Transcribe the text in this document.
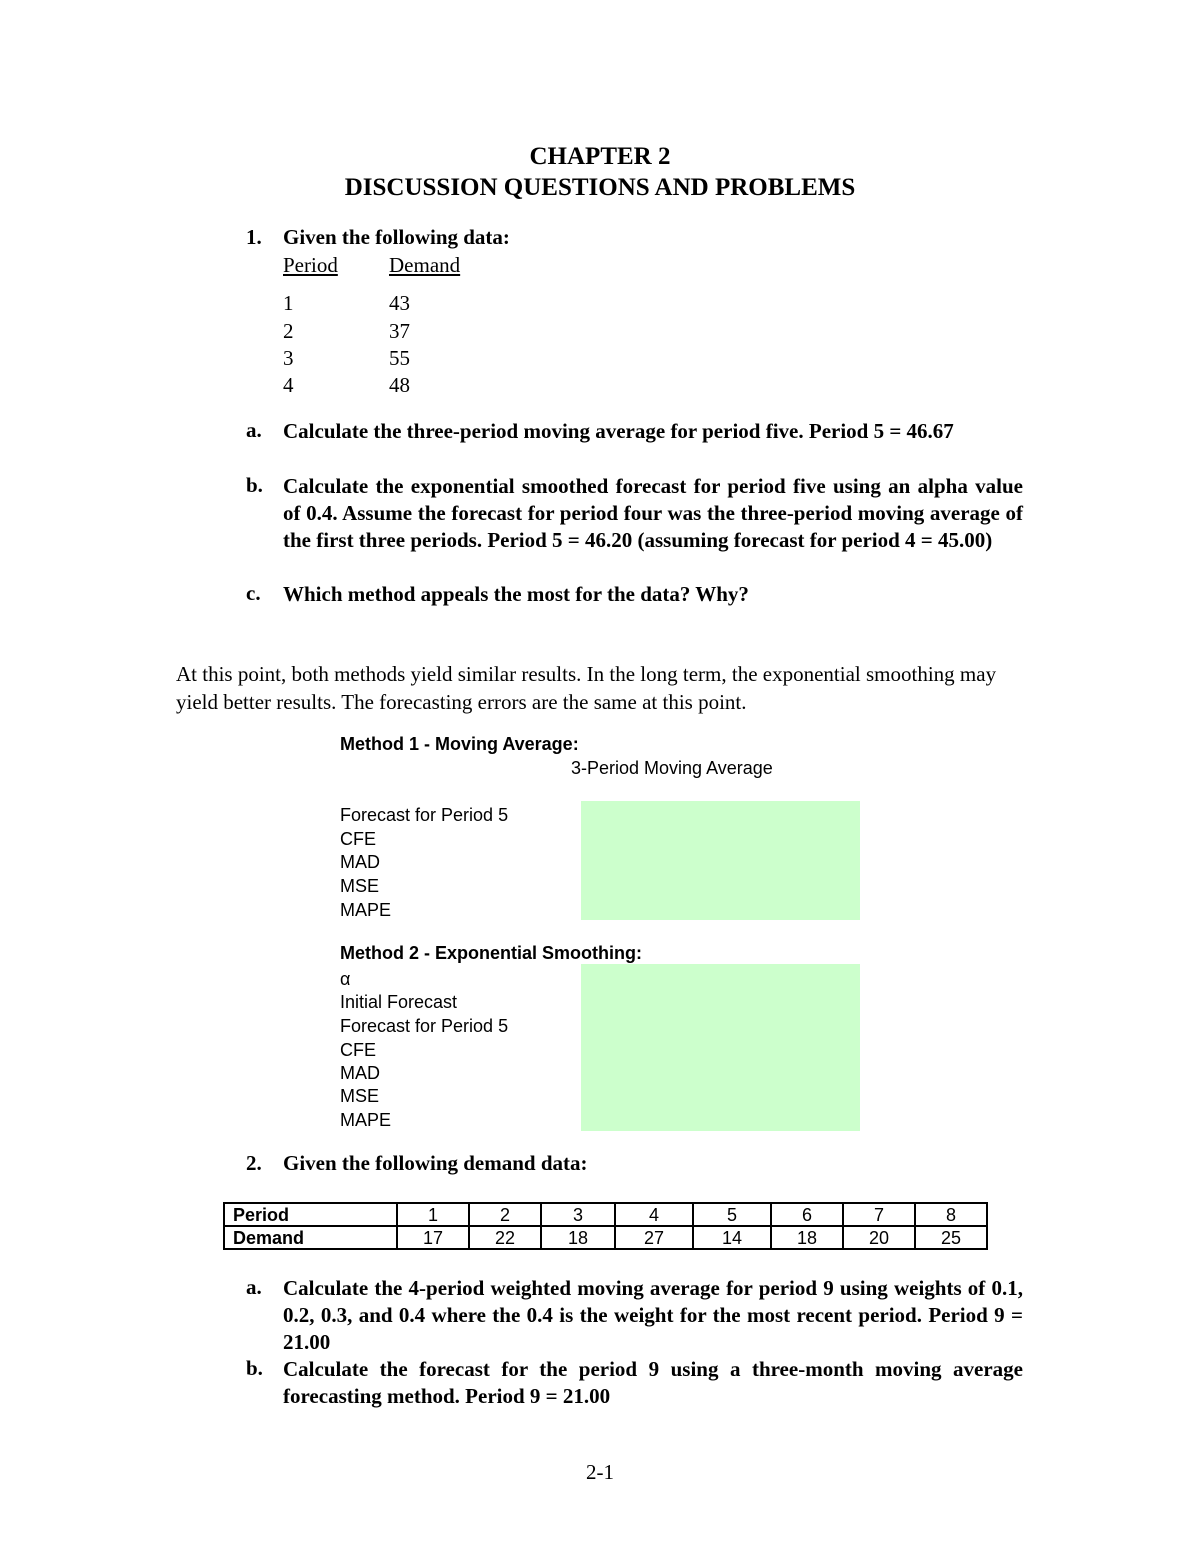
CHAPTER 2
DISCUSSION QUESTIONS AND PROBLEMS
1. Given the following data:
Period Demand
1	43
2	37
3	55
4	48
a. Calculate the three-period moving average for period five. Period 5 = 46.67
b. Calculate the exponential smoothed forecast for period five using an alpha value of 0.4. Assume the forecast for period four was the three-period moving average of the first three periods. Period 5 = 46.20 (assuming forecast for period 4 = 45.00)
c. Which method appeals the most for the data? Why?
At this point, both methods yield similar results. In the long term, the exponential smoothing may yield better results. The forecasting errors are the same at this point.
Method 1 - Moving Average:
3-Period Moving Average
Forecast for Period 5
CFE
MAD
MSE
MAPE
Method 2 - Exponential Smoothing:
α
Initial Forecast
Forecast for Period 5
CFE
MAD
MSE
MAPE
2. Given the following demand data:
Period	1	2	3	4	5	6	7	8
Demand	17	22	18	27	14	18	20	25
a. Calculate the 4-period weighted moving average for period 9 using weights of 0.1, 0.2, 0.3, and 0.4 where the 0.4 is the weight for the most recent period. Period 9 = 21.00
b. Calculate the forecast for the period 9 using a three-month moving average forecasting method. Period 9 = 21.00
2-1
